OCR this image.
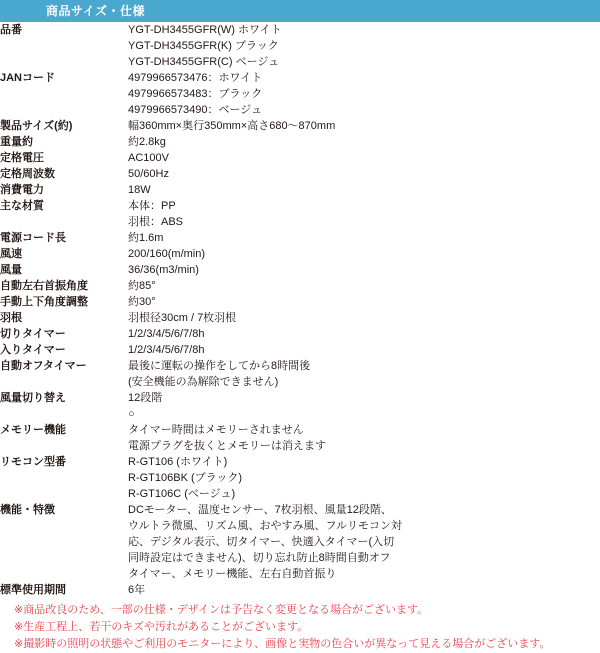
商品サイズ・仕様
品番	YGT-DH3455GFR(W) ホワイト
YGT-DH3455GFR(K) ブラック
YGT-DH3455GFR(C) ベージュ

JANコード	4979966573476：ホワイト
4979966573483：ブラック
4979966573490：ベージュ

製品サイズ(約)	幅360mm×奥行350mm×高さ680〜870mm

重量約	約2.8kg

定格電圧	AC100V

定格周波数	50/60Hz

消費電力	18W

主な材質	本体：PP
羽根：ABS

電源コード長	約1.6m

風速	200/160(m/min)

風量	36/36(m3/min)

自動左右首振角度	約85°

手動上下角度調整	約30°

羽根	羽根径30cm / 7枚羽根

切りタイマー	1/2/3/4/5/6/7/8h

入りタイマー	1/2/3/4/5/6/7/8h

自動オフタイマー	最後に運転の操作をしてから8時間後
(安全機能の為解除できません)

風量切り替え	12段階

	○

メモリー機能	タイマー時間はメモリーされません
電源プラグを抜くとメモリーは消えます

リモコン型番	R-GT106 (ホワイト)
R-GT106BK (ブラック)
R-GT106C (ベージュ)

機能・特徴	DCモーター、温度センサー、7枚羽根、風量12段階、
ウルトラ微風、リズム風、おやすみ風、フルリモコン対
応、デジタル表示、切タイマー、快適入タイマー(入切
同時設定はできません)、切り忘れ防止8時間自動オフ
タイマー、メモリー機能、左右自動首振り

標準使用期間	6年
※商品改良のため、一部の仕様・デザインは予告なく変更となる場合がございます。
※生産工程上、若干のキズや汚れがあることがございます。
※撮影時の照明の状態やご利用のモニターにより、画像と実物の色合いが異なって見える場合がございます。
